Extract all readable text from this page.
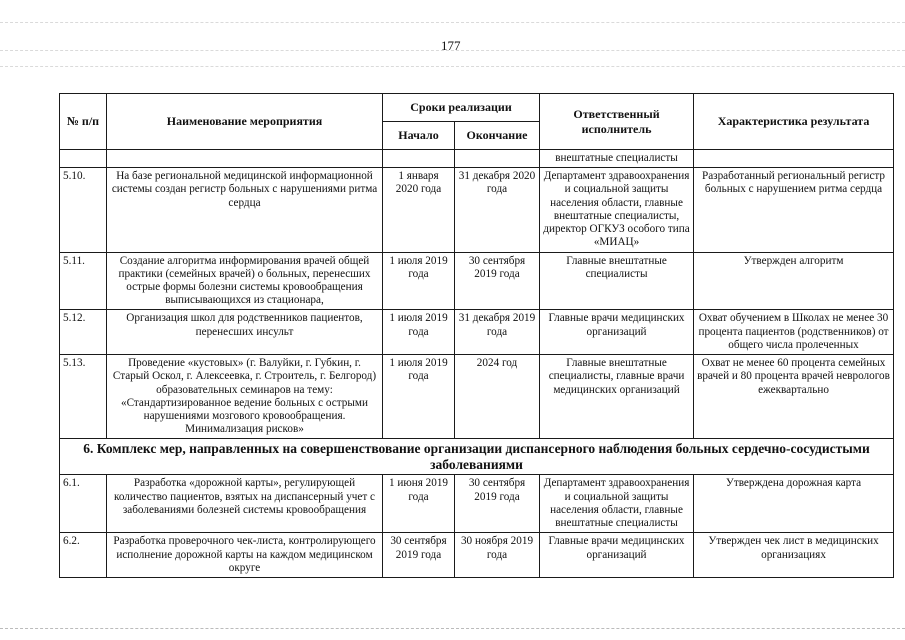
177
№ п/п	Наименование мероприятия	Сроки реализации		Ответственный исполнитель	Характеристика результата
		Начало	Окончание		
				внештатные специалисты	
5.10.	На базе региональной медицинской информационной системы создан регистр больных с нарушениями ритма сердца	1 января 2020 года	31 декабря 2020 года	Департамент здравоохранения и социальной защиты населения области, главные внештатные специалисты, директор ОГКУЗ особого типа «МИАЦ»	Разработанный региональный регистр больных с нарушением ритма сердца
5.11.	Создание алгоритма информирования врачей общей практики (семейных врачей) о больных, перенесших острые формы болезни системы кровообращения выписывающихся из стационара,	1 июля 2019 года	30 сентября 2019 года	Главные внештатные специалисты	Утвержден алгоритм
5.12.	Организация школ для родственников пациентов, перенесших инсульт	1 июля 2019 года	31 декабря 2019 года	Главные врачи медицинских организаций	Охват обучением в Школах не менее 30 процента пациентов (родственников) от общего числа пролеченных
5.13.	Проведение «кустовых» (г. Валуйки, г. Губкин, г. Старый Оскол, г. Алексеевка, г. Строитель, г. Белгород) образовательных семинаров на тему: «Стандартизированное ведение больных с острыми нарушениями мозгового кровообращения. Минимализация рисков»	1 июля 2019 года	2024 год	Главные внештатные специалисты, главные врачи медицинских организаций	Охват не менее 60 процента семейных врачей и 80 процента врачей неврологов ежеквартально
6. Комплекс мер, направленных на совершенствование организации диспансерного наблюдения больных сердечно-сосудистыми заболеваниями					
6.1.	Разработка «дорожной карты», регулирующей количество пациентов, взятых на диспансерный учет с заболеваниями болезней системы кровообращения	1 июня 2019 года	30 сентября 2019 года	Департамент здравоохранения и социальной защиты населения области, главные внештатные специалисты	Утверждена дорожная карта
6.2.	Разработка проверочного чек-листа, контролирующего исполнение дорожной карты на каждом медицинском округе	30 сентября 2019 года	30 ноября 2019 года	Главные врачи медицинских организаций	Утвержден чек лист в медицинских организациях
